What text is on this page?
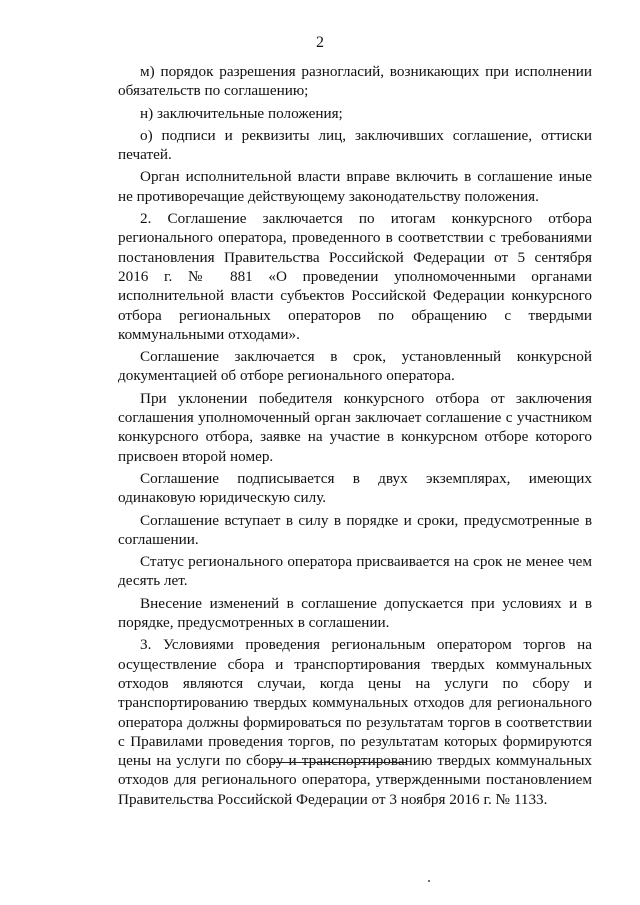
2

м) порядок разрешения разногласий, возникающих при исполнении обязательств по соглашению;

н) заключительные положения;

о) подписи и реквизиты лиц, заключивших соглашение, оттиски печатей.

Орган исполнительной власти вправе включить в соглашение иные не противоречащие действующему законодательству положения.

2. Соглашение заключается по итогам конкурсного отбора регионального оператора, проведенного в соответствии с требованиями постановления Правительства Российской Федерации от 5 сентября 2016 г. № 881 «О проведении уполномоченными органами исполнительной власти субъектов Российской Федерации конкурсного отбора региональных операторов по обращению с твердыми коммунальными отходами».

Соглашение заключается в срок, установленный конкурсной документацией об отборе регионального оператора.

При уклонении победителя конкурсного отбора от заключения соглашения уполномоченный орган заключает соглашение с участником конкурсного отбора, заявке на участие в конкурсном отборе которого присвоен второй номер.

Соглашение подписывается в двух экземплярах, имеющих одинаковую юридическую силу.

Соглашение вступает в силу в порядке и сроки, предусмотренные в соглашении.

Статус регионального оператора присваивается на срок не менее чем десять лет.

Внесение изменений в соглашение допускается при условиях и в порядке, предусмотренных в соглашении.

3. Условиями проведения региональным оператором торгов на осуществление сбора и транспортирования твердых коммунальных отходов являются случаи, когда цены на услуги по сбору и транспортированию твердых коммунальных отходов для регионального оператора должны формироваться по результатам торгов в соответствии с Правилами проведения торгов, по результатам которых формируются цены на услуги по сбору и транспортированию твердых коммунальных отходов для регионального оператора, утвержденными постановлением Правительства Российской Федерации от 3 ноября 2016 г. № 1133.
